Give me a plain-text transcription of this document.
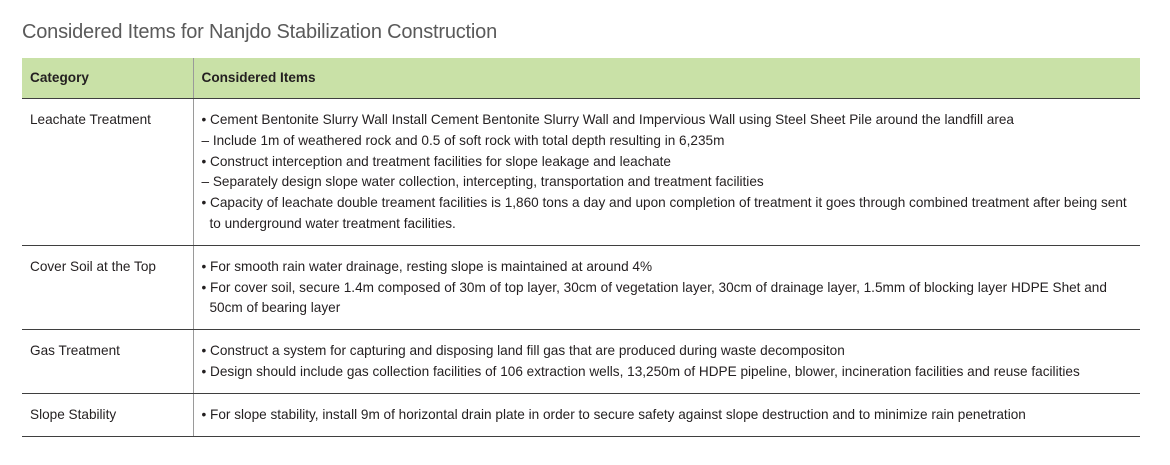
Considered Items for Nanjdo Stabilization Construction
Category	Considered Items
Leachate Treatment	• Cement Bentonite Slurry Wall Install Cement Bentonite Slurry Wall and Impervious Wall using Steel Sheet Pile around the landfill area
– Include 1m of weathered rock and 0.5 of soft rock with total depth resulting in 6,235m
• Construct interception and treatment facilities for slope leakage and leachate
– Separately design slope water collection, intercepting, transportation and treatment facilities
• Capacity of leachate double treament facilities is 1,860 tons a day and upon completion of treatment it goes through combined treatment after being sent to underground water treatment facilities.

Cover Soil at the Top	• For smooth rain water drainage, resting slope is maintained at around 4%
• For cover soil, secure 1.4m composed of 30m of top layer, 30cm of vegetation layer, 30cm of drainage layer, 1.5mm of blocking layer HDPE Shet and 50cm of bearing layer

Gas Treatment	• Construct a system for capturing and disposing land fill gas that are produced during waste decompositon
• Design should include gas collection facilities of 106 extraction wells, 13,250m of HDPE pipeline, blower, incineration facilities and reuse facilities

Slope Stability	• For slope stability, install 9m of horizontal drain plate in order to secure safety against slope destruction and to minimize rain penetration
